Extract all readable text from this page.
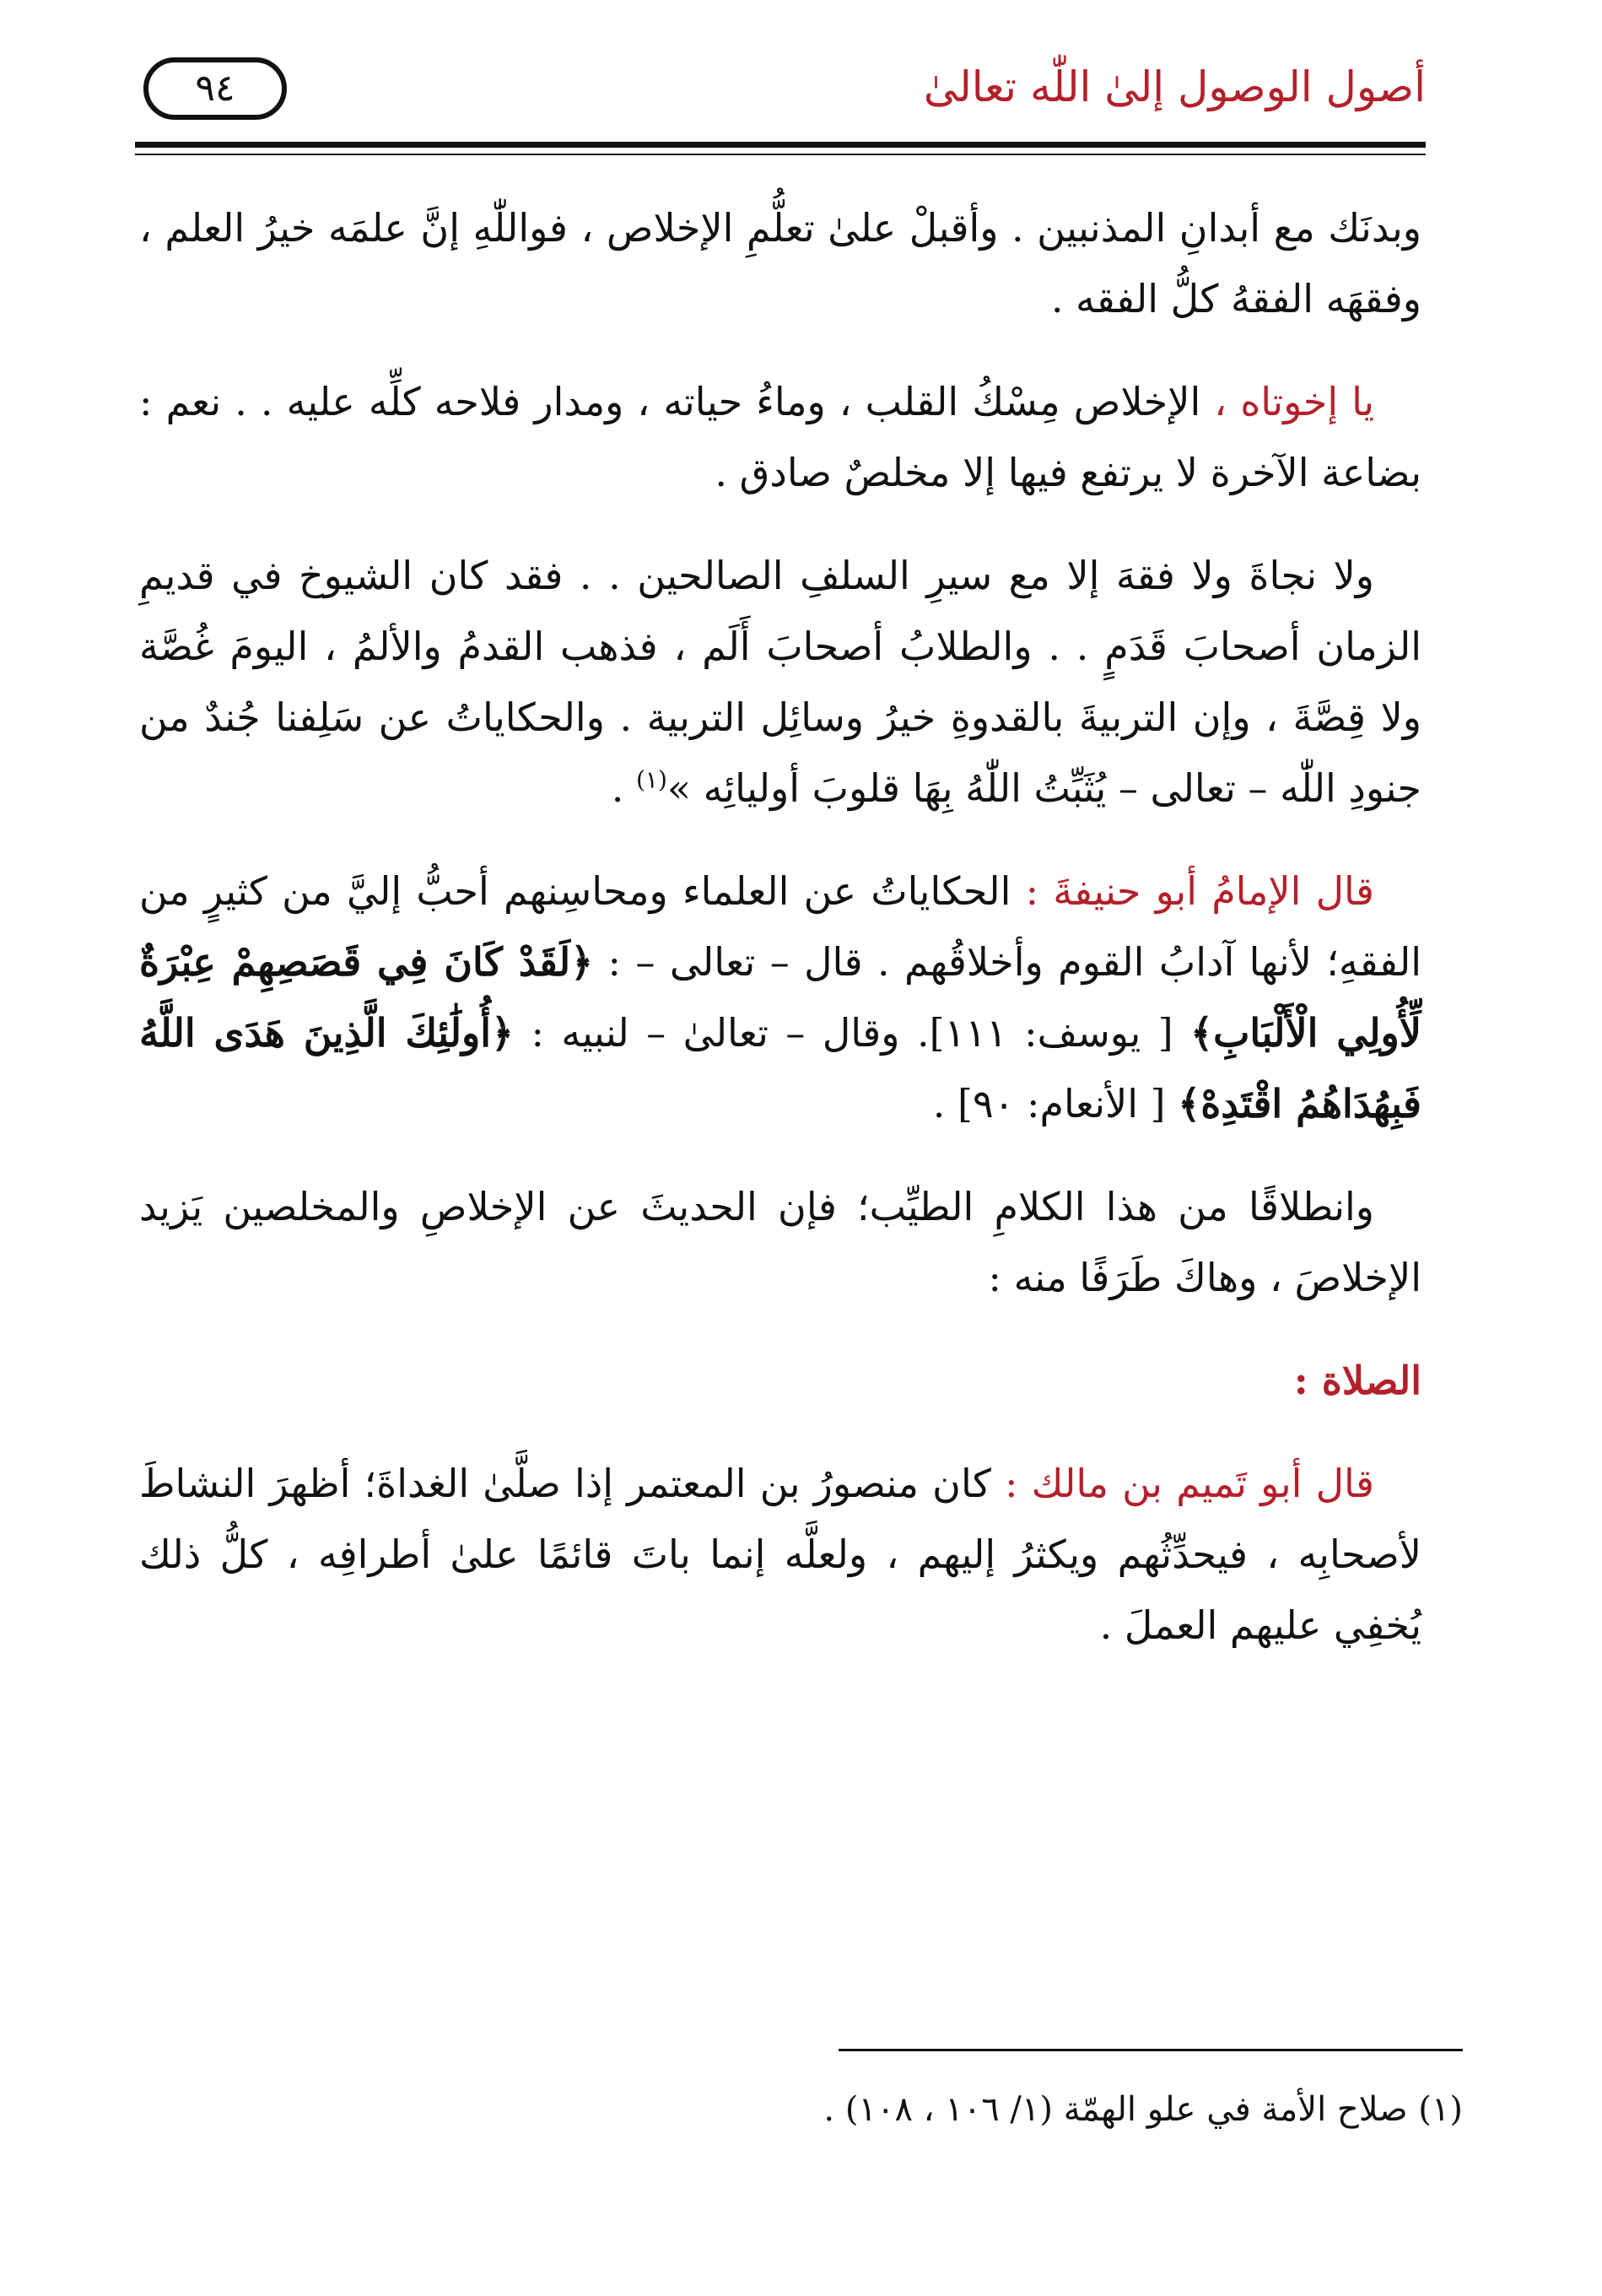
أصول الوصول إلىٰ اللّٰه تعالىٰ
٩٤

وبدنَك مع أبدانِ المذنبين . وأقبلْ علىٰ تعلُّمِ الإخلاص ، فواللّٰهِ إنَّ علمَه خيرُ العلم ، وفقهَه الفقهُ كلُّ الفقه .

يا إخوتاه ، الإخلاص مِسْكُ القلب ، وماءُ حياته ، ومدار فلاحه كلِّه عليه . . نعم : بضاعة الآخرة لا يرتفع فيها إلا مخلصٌ صادق .

ولا نجاةَ ولا فقهَ إلا مع سيرِ السلفِ الصالحين . . فقد كان الشيوخ في قديمِ الزمان أصحابَ قَدَمٍ . . والطلابُ أصحابَ أَلَم ، فذهب القدمُ والألمُ ، اليومَ غُصَّة ولا قِصَّةَ ، وإن التربيةَ بالقدوةِ خيرُ وسائِل التربية . والحكاياتُ عن سَلِفنا جُندٌ من جنودِ اللّٰه – تعالى – يُثَبِّتُ اللّٰهُ بِهَا قلوبَ أوليائِه »$^{(١)}$ .

قال الإمامُ أبو حنيفةَ : الحكاياتُ عن العلماء ومحاسِنهم أحبُّ إليَّ من كثيرٍ من الفقهِ؛ لأنها آدابُ القوم وأخلاقُهم . قال – تعالى – : ﴿لَقَدْ كَانَ فِي قَصَصِهِمْ عِبْرَةٌ لِّأُولِي الْأَلْبَابِ﴾ [ يوسف: ١١١]. وقال – تعالىٰ – لنبيه : ﴿أُولَٰئِكَ الَّذِينَ هَدَى اللَّهُ فَبِهُدَاهُمُ اقْتَدِهْ﴾ [ الأنعام: ٩٠] .

وانطلاقًا من هذا الكلامِ الطيِّب؛ فإن الحديثَ عن الإخلاصِ والمخلصين يَزيد الإخلاصَ ، وهاكَ طَرَفًا منه :

الصلاة :

قال أبو تَميم بن مالك : كان منصورُ بن المعتمر إذا صلَّىٰ الغداةَ؛ أظهرَ النشاطَ لأصحابِه ، فيحدِّثُهم ويكثرُ إليهم ، ولعلَّه إنما باتَ قائمًا علىٰ أطرافِه ، كلُّ ذلك يُخفِي عليهم العملَ .

(١) صلاح الأمة في علو الهمّة (١/ ١٠٦ ، ١٠٨) .
